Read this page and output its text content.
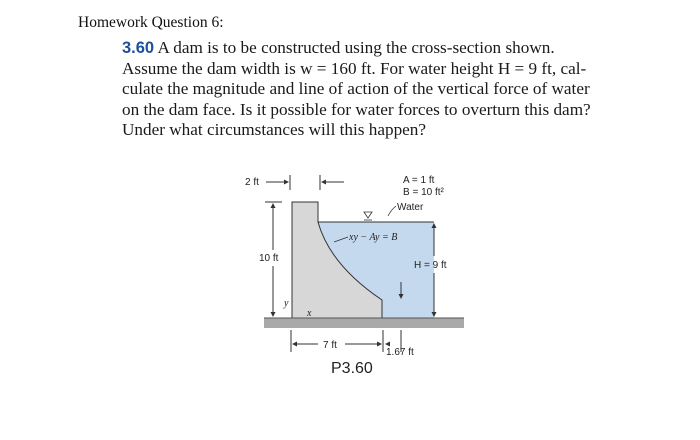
Homework Question 6:
3.60 A dam is to be constructed using the cross-section shown.
Assume the dam width is w = 160 ft. For water height H = 9 ft, cal-
culate the magnitude and line of action of the vertical force of water
on the dam face. Is it possible for water forces to overturn this dam?
Under what circumstances will this happen?
2 ft	A = 1 ft
B = 10 ft²
Water
xy − Ay = B
10 ft
H = 9 ft
y
x
7 ft
1.67 ft
P3.60
